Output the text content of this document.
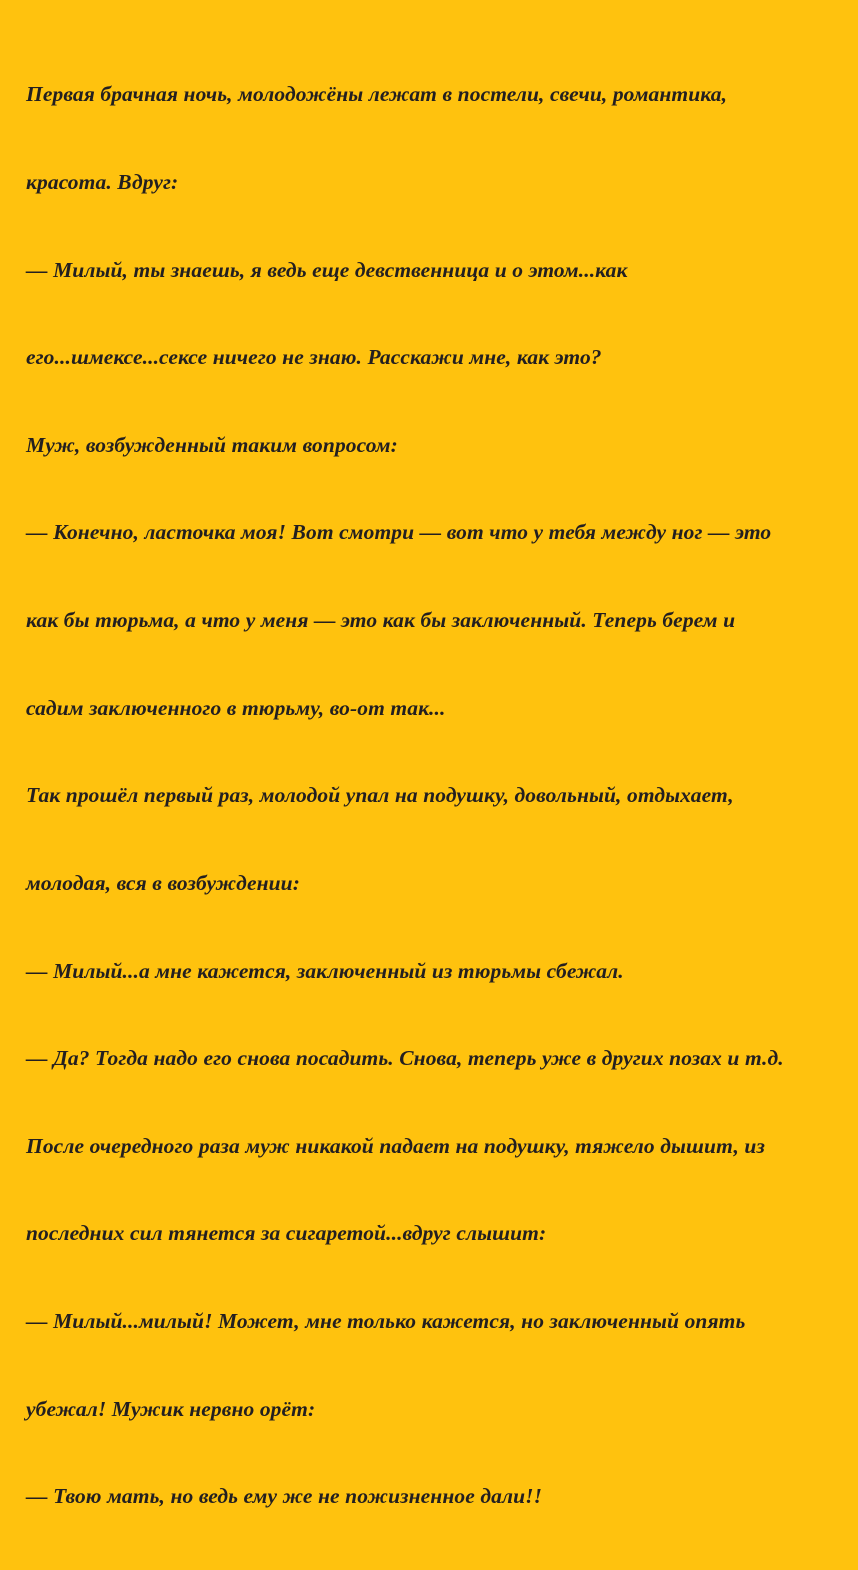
Первая брачная ночь, молодожёны лежат в постели, свечи, романтика,

красота. Вдруг:

— Милый, ты знаешь, я ведь еще девственница и о этом...как

его...шмексе...сексе ничего не знаю. Расскажи мне, как это?

Муж, возбужденный таким вопросом:

— Конечно, ласточка моя! Вот смотри — вот что у тебя между ног — это

как бы тюрьма, а что у меня — это как бы заключенный. Теперь берем и

садим заключенного в тюрьму, во-от так...

Так прошёл первый раз, молодой упал на подушку, довольный, отдыхает,

молодая, вся в возбуждении:

— Милый...а мне кажется, заключенный из тюрьмы сбежал.

— Да? Тогда надо его снова посадить. Снова, теперь уже в других позах и т.д.

После очередного раза муж никакой падает на подушку, тяжело дышит, из

последних сил тянется за сигаретой...вдруг слышит:

— Милый...милый! Может, мне только кажется, но заключенный опять

убежал! Мужик нервно орёт:

— Твою мать, но ведь ему же не пожизненное дали!!
